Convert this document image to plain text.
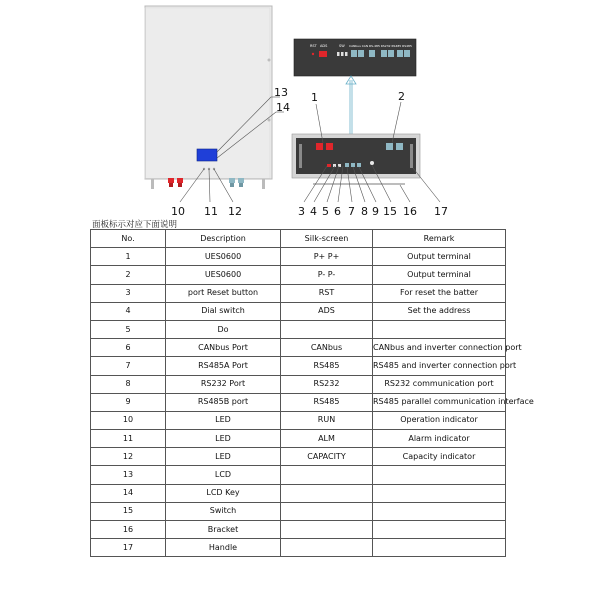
RST ADS	SW CANbus CAN RS-485 RS232 RS485 RS485
1	2
3 4 5 6 7 8 9
10 11 12
13
14
15 16 17
面板标示对应下面说明
No.	Description	Silk-screen	Remark
1	UES0600	P+ P+	Output terminal
2	UES0600	P- P-	Output terminal
3	port Reset button	RST	For reset the batter
4	Dial switch	ADS	Set the address
5	Do		
6	CANbus Port	CANbus	CANbus and inverter connection port
7	RS485A Port	RS485	RS485 and inverter connection port
8	RS232 Port	RS232	RS232 communication port
9	RS485B port	RS485	RS485 parallel communication interface
10	LED	RUN	Operation indicator
11	LED	ALM	Alarm indicator
12	LED	CAPACITY	Capacity indicator
13	LCD		
14	LCD Key		
15	Switch		
16	Bracket		
17	Handle		
